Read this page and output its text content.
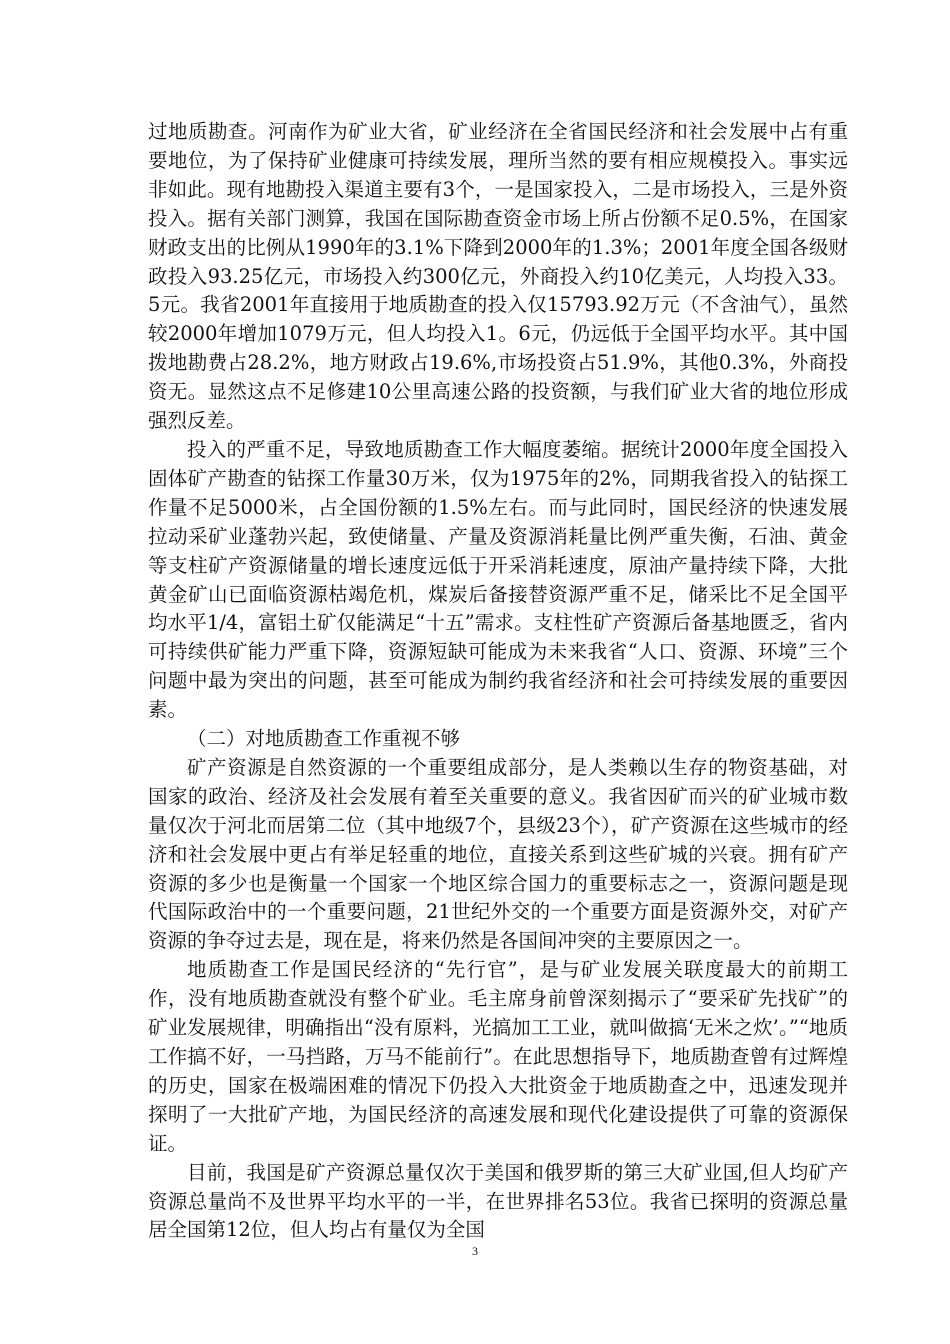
过地质勘查。河南作为矿业大省，矿业经济在全省国民经济和社会发展中占有重要地位，为了保持矿业健康可持续发展，理所当然的要有相应规模投入。事实远非如此。现有地勘投入渠道主要有3个，一是国家投入，二是市场投入，三是外资投入。据有关部门测算，我国在国际勘查资金市场上所占份额不足0.5%，在国家财政支出的比例从1990年的3.1%下降到2000年的1.3%；2001年度全国各级财政投入93.25亿元，市场投入约300亿元，外商投入约10亿美元，人均投入33。5元。我省2001年直接用于地质勘查的投入仅15793.92万元（不含油气），虽然较2000年增加1079万元，但人均投入1。6元，仍远低于全国平均水平。其中国拨地勘费占28.2%，地方财政占19.6%,市场投资占51.9%，其他0.3%，外商投资无。显然这点不足修建10公里高速公路的投资额，与我们矿业大省的地位形成强烈反差。

投入的严重不足，导致地质勘查工作大幅度萎缩。据统计2000年度全国投入固体矿产勘查的钻探工作量30万米，仅为1975年的2%，同期我省投入的钻探工作量不足5000米，占全国份额的1.5%左右。而与此同时，国民经济的快速发展拉动采矿业蓬勃兴起，致使储量、产量及资源消耗量比例严重失衡，石油、黄金等支柱矿产资源储量的增长速度远低于开采消耗速度，原油产量持续下降，大批黄金矿山已面临资源枯竭危机，煤炭后备接替资源严重不足，储采比不足全国平均水平1/4，富铝土矿仅能满足“十五”需求。支柱性矿产资源后备基地匮乏，省内可持续供矿能力严重下降，资源短缺可能成为未来我省“人口、资源、环境”三个问题中最为突出的问题，甚至可能成为制约我省经济和社会可持续发展的重要因素。

（二）对地质勘查工作重视不够

矿产资源是自然资源的一个重要组成部分，是人类赖以生存的物资基础，对国家的政治、经济及社会发展有着至关重要的意义。我省因矿而兴的矿业城市数量仅次于河北而居第二位（其中地级7个，县级23个），矿产资源在这些城市的经济和社会发展中更占有举足轻重的地位，直接关系到这些矿城的兴衰。拥有矿产资源的多少也是衡量一个国家一个地区综合国力的重要标志之一，资源问题是现代国际政治中的一个重要问题，21世纪外交的一个重要方面是资源外交，对矿产资源的争夺过去是，现在是，将来仍然是各国间冲突的主要原因之一。

地质勘查工作是国民经济的“先行官”，是与矿业发展关联度最大的前期工作，没有地质勘查就没有整个矿业。毛主席身前曾深刻揭示了“要采矿先找矿”的矿业发展规律，明确指出“没有原料，光搞加工工业，就叫做搞‘无米之炊’。”“地质工作搞不好，一马挡路，万马不能前行”。在此思想指导下，地质勘查曾有过辉煌的历史，国家在极端困难的情况下仍投入大批资金于地质勘查之中，迅速发现并探明了一大批矿产地，为国民经济的高速发展和现代化建设提供了可靠的资源保证。

目前，我国是矿产资源总量仅次于美国和俄罗斯的第三大矿业国,但人均矿产资源总量尚不及世界平均水平的一半，在世界排名53位。我省已探明的资源总量居全国第12位，但人均占有量仅为全国

3
